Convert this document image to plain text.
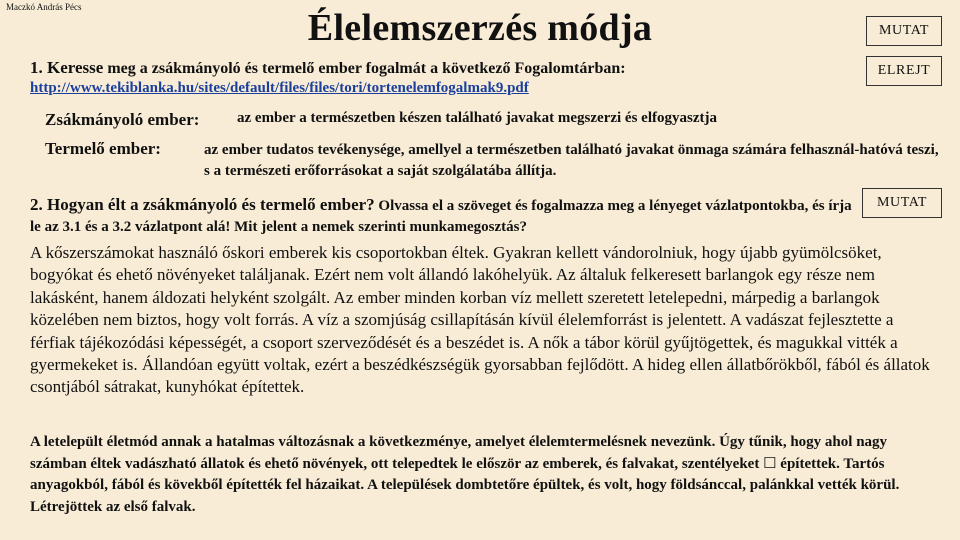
Maczkó András Pécs	Élelemszerzés módja	MUTAT
ELREJT
MUTAT
1. Keresse meg a zsákmányoló és termelő ember fogalmát a következő Fogalomtárban:
http://www.tekiblanka.hu/sites/default/files/files/tori/tortenelemfogalmak9.pdf
Zsákmányoló ember:	az ember a természetben készen található javakat megszerzi és elfogyasztja
Termelő ember:	az ember tudatos tevékenysége, amellyel a természetben található javakat önmaga számára felhasznál-hatóvá teszi, s a természeti erőforrásokat a saját szolgálatába állítja.
2. Hogyan élt a zsákmányoló és termelő ember? Olvassa el a szöveget és fogalmazza meg a lényeget vázlatpontokba, és írja le az 3.1 és a 3.2 vázlatpont alá! Mit jelent a nemek szerinti munkamegosztás?
A kőszerszámokat használó őskori emberek kis csoportokban éltek. Gyakran kellett vándorolniuk, hogy újabb gyümölcsöket, bogyókat és ehető növényeket találjanak. Ezért nem volt állandó lakóhelyük. Az általuk felkeresett barlangok egy része nem lakásként, hanem áldozati helyként szolgált. Az ember minden korban víz mellett szeretett letelepedni, márpedig a barlangok közelében nem biztos, hogy volt forrás. A víz a szomjúság csillapításán kívül élelemforrást is jelentett. A vadászat fejlesztette a férfiak tájékozódási képességét, a csoport szerveződését és a beszédet is. A nők a tábor körül gyűjtögettek, és magukkal vitték a gyermekeket is. Állandóan együtt voltak, ezért a beszédkészségük gyorsabban fejlődött. A hideg ellen állatbőrökből, fából és állatok csontjából sátrakat, kunyhókat építettek.
A letelepült életmód annak a hatalmas változásnak a következménye, amelyet élelemtermelésnek nevezünk. Úgy tűnik, hogy ahol nagy számban éltek vadászható állatok és ehető növények, ott telepedtek le először az emberek, és falvakat, szentélyeket ☐ építettek. Tartós anyagokból, fából és kövekből építették fel házaikat. A települések dombtetőre épültek, és volt, hogy földsánccal, palánkkal vették körül. Létrejöttek az első falvak.
